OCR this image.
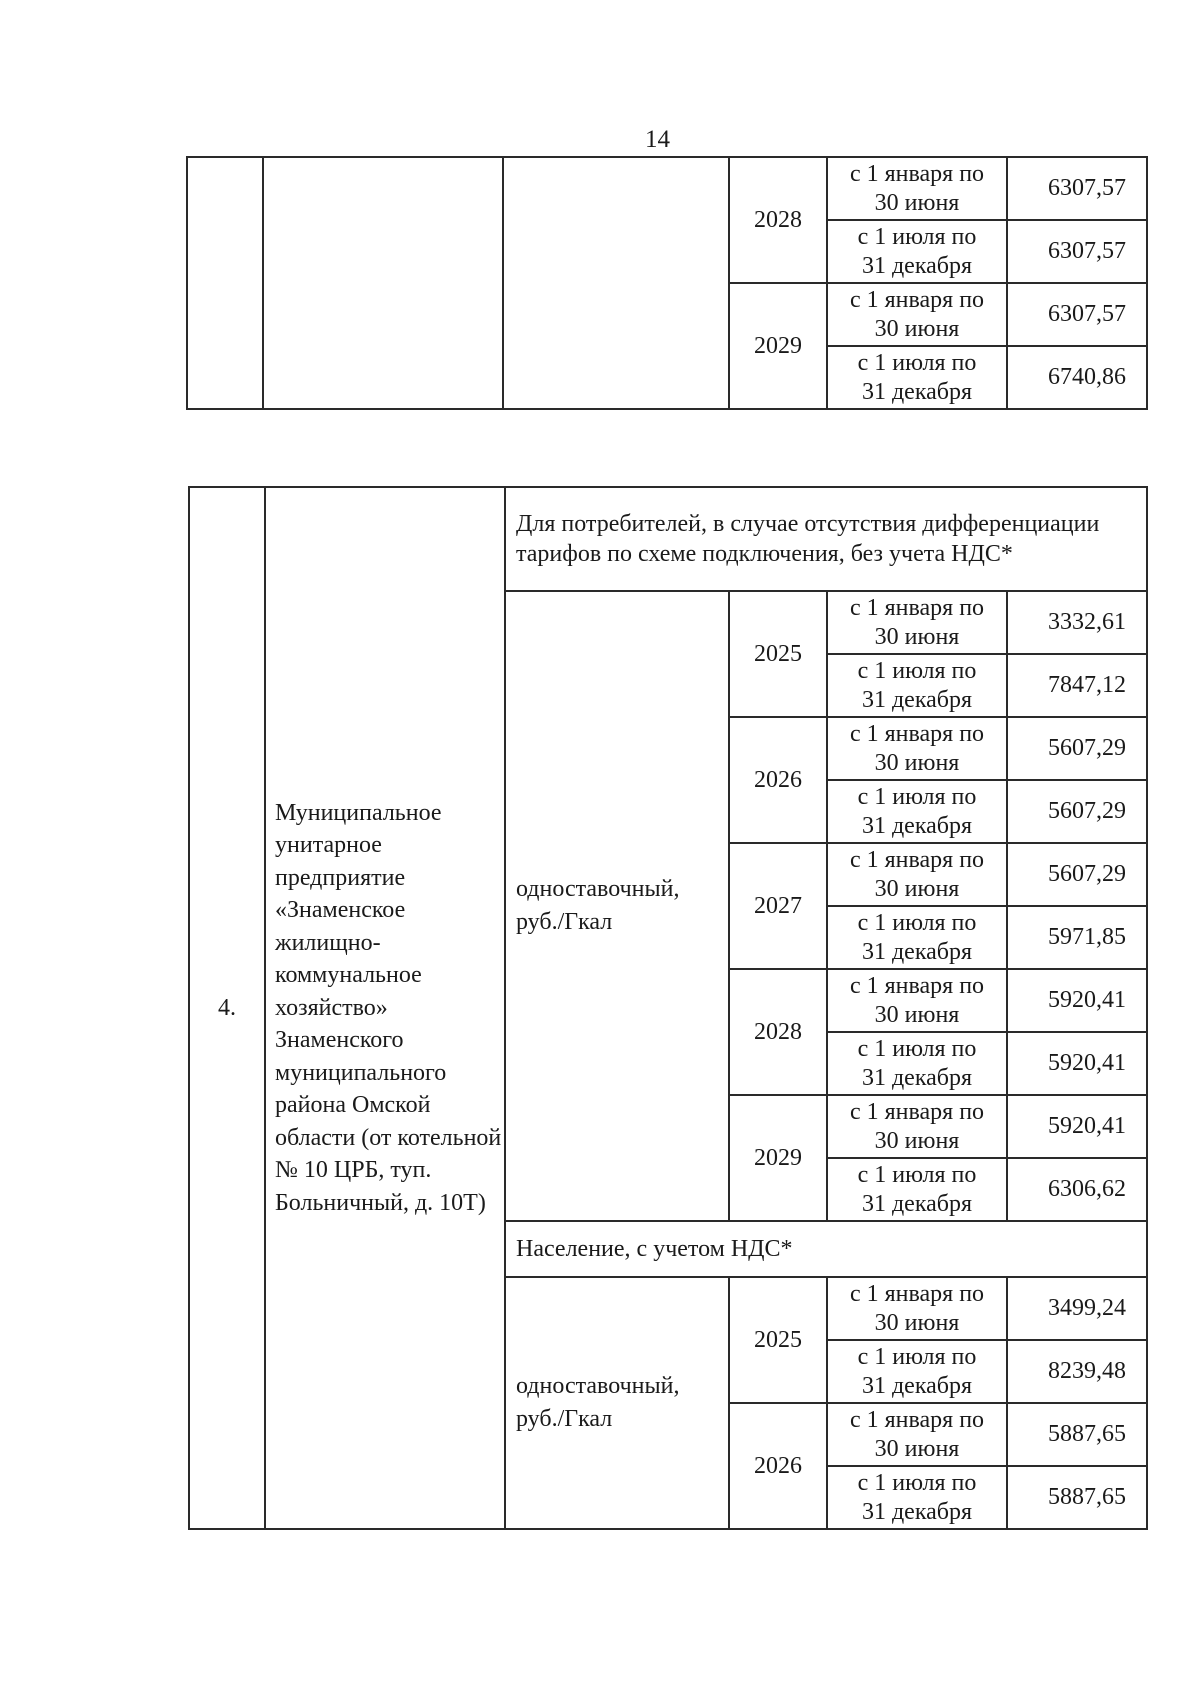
14
			2028	с 1 января по
30 июня	6307,57

				с 1 июля по
31 декабря	6307,57
			2029	с 1 января по
30 июня	6307,57

				с 1 июля по
31 декабря	6740,86
4.	Муниципальное унитарное предприятие «Знаменское жилищно-коммунальное хозяйство» Знаменского муниципального района Омской области (от котельной № 10 ЦРБ, туп. Больничный, д. 10Т)	Для потребителей, в случае отсутствия дифференциации тарифов по схеме подключения, без учета НДС*			
		одноставочный, руб./Гкал	2025	с 1 января по
30 июня	3332,61

				с 1 июля по
31 декабря	7847,12
			2026	с 1 января по
30 июня	5607,29

				с 1 июля по
31 декабря	5607,29
			2027	с 1 января по
30 июня	5607,29

				с 1 июля по
31 декабря	5971,85
			2028	с 1 января по
30 июня	5920,41

				с 1 июля по
31 декабря	5920,41
			2029	с 1 января по
30 июня	5920,41

				с 1 июля по
31 декабря	6306,62
		Население, с учетом НДС*			
		одноставочный, руб./Гкал	2025	с 1 января по
30 июня	3499,24

				с 1 июля по
31 декабря	8239,48
			2026	с 1 января по
30 июня	5887,65

				с 1 июля по
31 декабря	5887,65
